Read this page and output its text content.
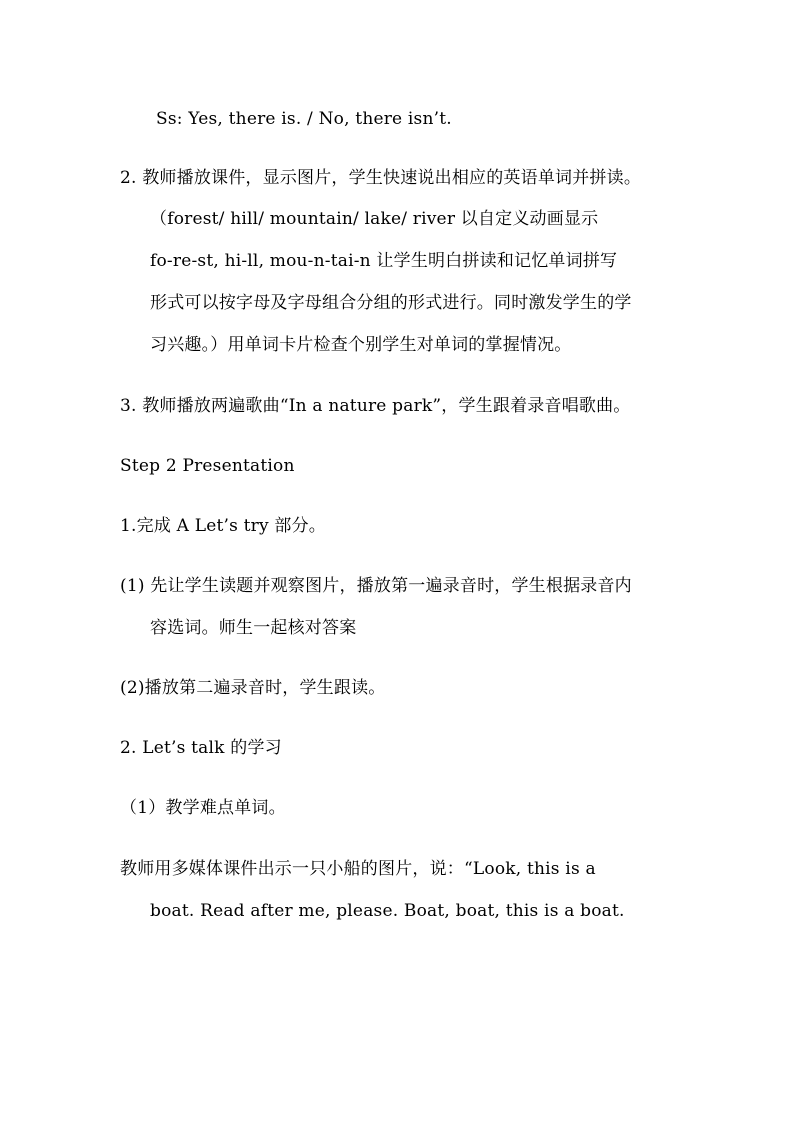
Ss: Yes, there is. / No, there isn’t.
2. 教师播放课件，显示图片，学生快速说出相应的英语单词并拼读。
（forest/ hill/ mountain/ lake/ river 以自定义动画显示
fo-re-st, hi-ll, mou-n-tai-n 让学生明白拼读和记忆单词拼写
形式可以按字母及字母组合分组的形式进行。同时激发学生的学
习兴趣。）用单词卡片检查个别学生对单词的掌握情况。
3. 教师播放两遍歌曲“In a nature park”，学生跟着录音唱歌曲。
Step 2 Presentation
1.完成 A Let’s try 部分。
(1) 先让学生读题并观察图片，播放第一遍录音时，学生根据录音内
容选词。师生一起核对答案
(2)播放第二遍录音时，学生跟读。
2. Let’s talk 的学习
（1）教学难点单词。
教师用多媒体课件出示一只小船的图片，说：“Look, this is a
boat. Read after me, please. Boat, boat, this is a boat.
